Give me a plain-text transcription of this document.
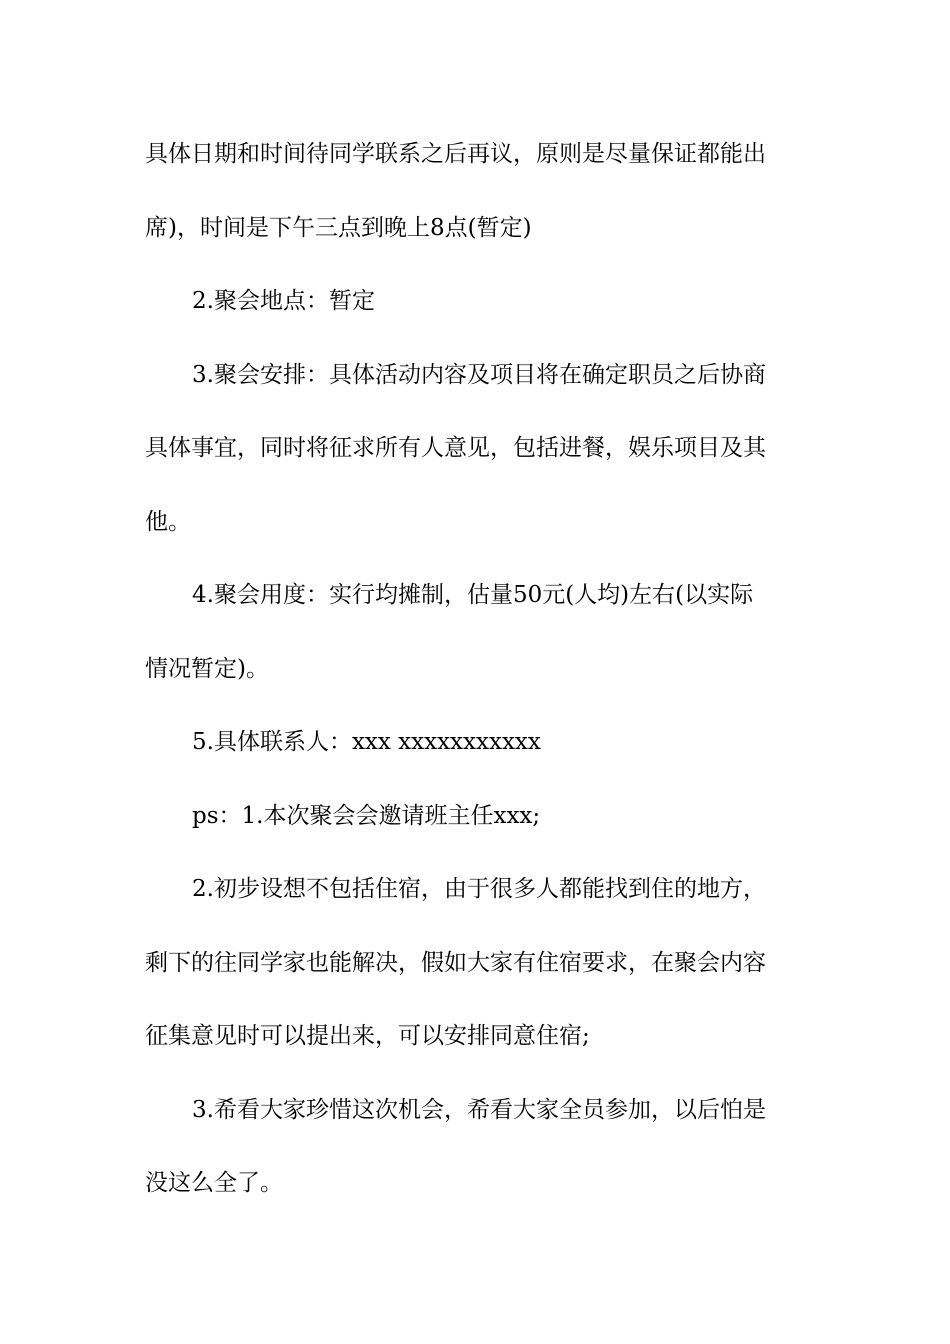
具体日期和时间待同学联系之后再议，原则是尽量保证都能出
席)，时间是下午三点到晚上8点(暂定)
2.聚会地点：暂定
3.聚会安排：具体活动内容及项目将在确定职员之后协商
具体事宜，同时将征求所有人意见，包括进餐，娱乐项目及其
他。
4.聚会用度：实行均摊制，估量50元(人均)左右(以实际
情况暂定)。
5.具体联系人：xxx xxxxxxxxxxx
ps：1.本次聚会会邀请班主任xxx;
2.初步设想不包括住宿，由于很多人都能找到住的地方，
剩下的往同学家也能解决，假如大家有住宿要求，在聚会内容
征集意见时可以提出来，可以安排同意住宿;
3.希看大家珍惜这次机会，希看大家全员参加，以后怕是
没这么全了。
